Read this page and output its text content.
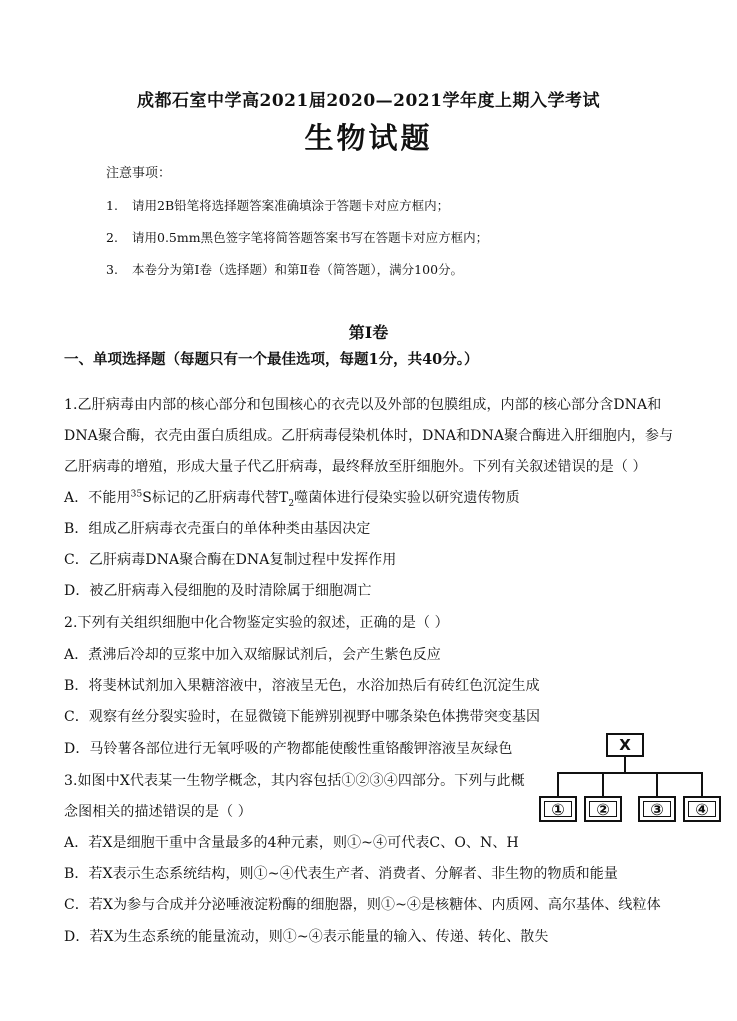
成都石室中学高2021届2020—2021学年度上期入学考试
生物试题
注意事项：
1. 请用2B铅笔将选择题答案准确填涂于答题卡对应方框内；
2. 请用0.5mm黑色签字笔将简答题答案书写在答题卡对应方框内；
3. 本卷分为第Ⅰ卷（选择题）和第Ⅱ卷（简答题），满分100分。
第Ⅰ卷
一、单项选择题（每题只有一个最佳选项，每题1分，共40分。）
1.乙肝病毒由内部的核心部分和包围核心的衣壳以及外部的包膜组成，内部的核心部分含DNA和
DNA聚合酶，衣壳由蛋白质组成。乙肝病毒侵染机体时，DNA和DNA聚合酶进入肝细胞内，参与
乙肝病毒的增殖，形成大量子代乙肝病毒，最终释放至肝细胞外。下列有关叙述错误的是（ ）
A．不能用$^{35}$S标记的乙肝病毒代替$T_2$噬菌体进行侵染实验以研究遗传物质
B．组成乙肝病毒衣壳蛋白的单体种类由基因决定
C．乙肝病毒DNA聚合酶在DNA复制过程中发挥作用
D．被乙肝病毒入侵细胞的及时清除属于细胞凋亡
2.下列有关组织细胞中化合物鉴定实验的叙述，正确的是（ ）
A．煮沸后冷却的豆浆中加入双缩脲试剂后，会产生紫色反应
B．将斐林试剂加入果糖溶液中，溶液呈无色，水浴加热后有砖红色沉淀生成
C．观察有丝分裂实验时，在显微镜下能辨别视野中哪条染色体携带突变基因
D．马铃薯各部位进行无氧呼吸的产物都能使酸性重铬酸钾溶液呈灰绿色
3.如图中X代表某一生物学概念，其内容包括①②③④四部分。下列与此概
念图相关的描述错误的是（ ）
A．若X是细胞干重中含量最多的4种元素，则①~④可代表C、O、N、H
B．若X表示生态系统结构，则①~④代表生产者、消费者、分解者、非生物的物质和能量
C．若X为参与合成并分泌唾液淀粉酶的细胞器，则①~④是核糖体、内质网、高尔基体、线粒体
D．若X为生态系统的能量流动，则①~④表示能量的输入、传递、转化、散失
X
① ②	③ ④
